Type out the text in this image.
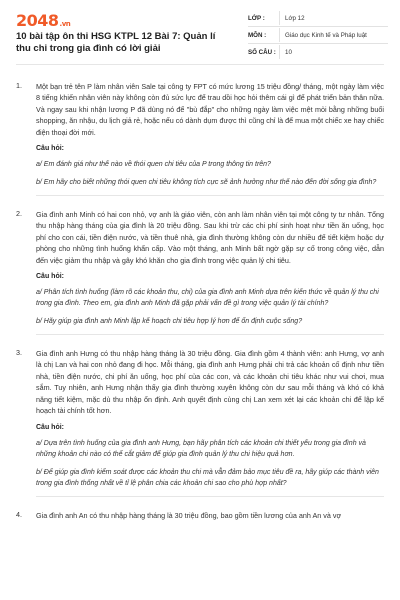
2048.vn
10 bài tập ôn thi HSG KTPL 12 Bài 7: Quản lí thu chi trong gia đình có lời giải
LỚP :	Lớp 12
MÔN :	Giáo dục Kinh tế và Pháp luật
SỐ CÂU :	10
1. Một bạn trẻ tên P làm nhân viên Sale tại công ty FPT có mức lương 15 triệu đồng/ tháng, một ngày làm việc 8 tiếng khiến nhân viên này không còn đủ sức lực để trau dồi học hỏi thêm cái gì để phát triển bản thân nữa. Và ngay sau khi nhận lương P đã dùng nó để "bù đắp" cho những ngày làm việc mệt mỏi bằng những buổi shopping, ăn nhậu, du lịch giả rẻ, hoặc nếu có dành dụm được thì cũng chỉ là để mua một chiếc xe hay chiếc điện thoại đời mới.

Câu hỏi:

a/ Em đánh giá như thế nào về thói quen chi tiêu của P trong thông tin trên?

b/ Em hãy cho biết những thói quen chi tiêu không tích cực sẽ ảnh hưởng như thế nào đến đời sống gia đình?

2. Gia đình anh Minh có hai con nhỏ, vợ anh là giáo viên, còn anh làm nhân viên tại một công ty tư nhân. Tổng thu nhập hàng tháng của gia đình là 20 triệu đồng. Sau khi trừ các chi phí sinh hoạt như tiền ăn uống, học phí cho con cái, tiền điện nước, và tiền thuê nhà, gia đình thường không còn dư nhiều để tiết kiệm hoặc dự phòng cho những tình huống khẩn cấp. Vào một tháng, anh Minh bất ngờ gặp sự cố trong công việc, dẫn đến việc giảm thu nhập và gây khó khăn cho gia đình trong việc quản lý chi tiêu.

Câu hỏi:

a/ Phân tích tình huống (làm rõ các khoản thu, chi) của gia đình anh Minh dựa trên kiến thức về quản lý thu chi trong gia đình. Theo em, gia đình anh Minh đã gặp phải vấn đề gì trong việc quản lý tài chính?

b/ Hãy giúp gia đình anh Minh lập kế hoạch chi tiêu hợp lý hơn để ổn định cuộc sống?

3. Gia đình anh Hưng có thu nhập hàng tháng là 30 triệu đồng. Gia đình gồm 4 thành viên: anh Hưng, vợ anh là chị Lan và hai con nhỏ đang đi học. Mỗi tháng, gia đình anh Hưng phải chi trả các khoản cố định như tiền nhà, tiền điện nước, chi phí ăn uống, học phí của các con, và các khoản chi tiêu khác như vui chơi, mua sắm. Tuy nhiên, anh Hưng nhận thấy gia đình thường xuyên không còn dư sau mỗi tháng và khó có khả năng tiết kiệm, mặc dù thu nhập ổn định. Anh quyết định cùng chị Lan xem xét lại các khoản chi để lập kế hoạch tài chính tốt hơn.

Câu hỏi:

a/ Dựa trên tình huống của gia đình anh Hưng, bạn hãy phân tích các khoản chi thiết yếu trong gia đình và những khoản chi nào có thể cắt giảm để giúp gia đình quản lý thu chi hiệu quả hơn.

b/ Để giúp gia đình kiểm soát được các khoản thu chi mà vẫn đảm bảo mục tiêu đề ra, hãy giúp các thành viên trong gia đình thống nhất về tỉ lệ phân chia các khoản chi sao cho phù hợp nhất?

4. Gia đình anh An có thu nhập hàng tháng là 30 triệu đồng, bao gồm tiền lương của anh An và vợ
